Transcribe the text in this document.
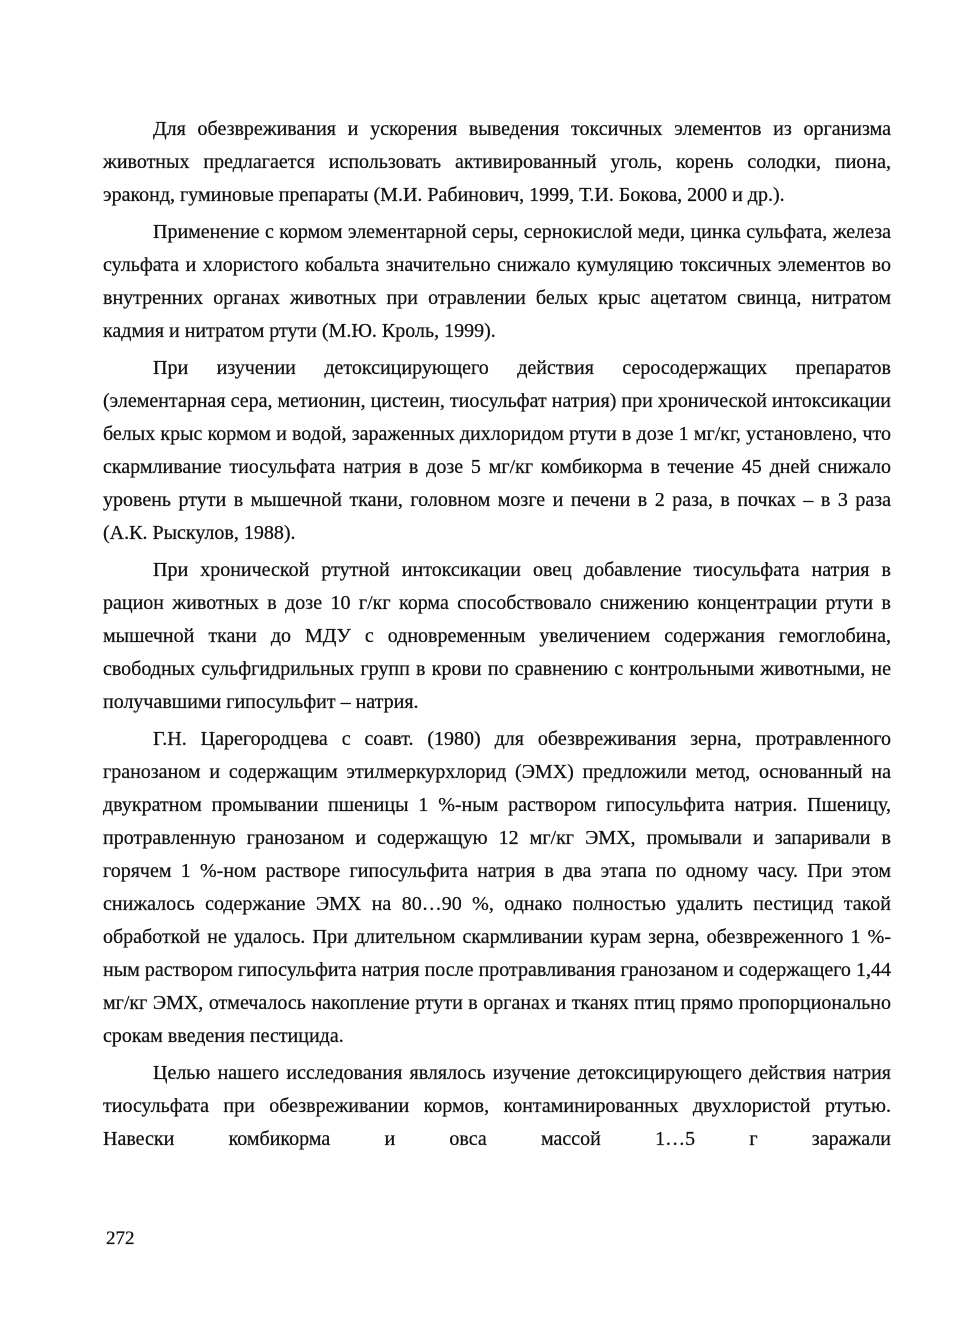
Для обезвреживания и ускорения выведения токсичных элементов из организма животных предлагается использовать активированный уголь, корень солодки, пиона, эраконд, гуминовые препараты (М.И. Рабинович, 1999, Т.И. Бокова, 2000 и др.).

Применение с кормом элементарной серы, сернокислой меди, цинка сульфата, железа сульфата и хлористого кобальта значительно снижало кумуляцию токсичных элементов во внутренних органах животных при отравлении белых крыс ацетатом свинца, нитратом кадмия и нитратом ртути (М.Ю. Кроль, 1999).

При изучении детоксицирующего действия серосодержащих препаратов (элементарная сера, метионин, цистеин, тиосульфат натрия) при хронической интоксикации белых крыс кормом и водой, зараженных дихлоридом ртути в дозе 1 мг/кг, установлено, что скармливание тиосульфата натрия в дозе 5 мг/кг комбикорма в течение 45 дней снижало уровень ртути в мышечной ткани, головном мозге и печени в 2 раза, в почках – в 3 раза (А.К. Рыскулов, 1988).

При хронической ртутной интоксикации овец добавление тиосульфата натрия в рацион животных в дозе 10 г/кг корма способствовало снижению концентрации ртути в мышечной ткани до МДУ с одновременным увеличением содержания гемоглобина, свободных сульфгидрильных групп в крови по сравнению с контрольными животными, не получавшими гипосульфит – натрия.

Г.Н. Царегородцева с соавт. (1980) для обезвреживания зерна, протравленного гранозаном и содержащим этилмеркурхлорид (ЭМХ) предложили метод, основанный на двукратном промывании пшеницы 1 %-ным раствором гипосульфита натрия. Пшеницу, протравленную гранозаном и содержащую 12 мг/кг ЭМХ, промывали и запаривали в горячем 1 %-ном растворе гипосульфита натрия в два этапа по одному часу. При этом снижалось содержание ЭМХ на 80…90 %, однако полностью удалить пестицид такой обработкой не удалось. При длительном скармливании курам зерна, обезвреженного 1 %-ным раствором гипосульфита натрия после протравливания гранозаном и содержащего 1,44 мг/кг ЭМХ, отмечалось накопление ртути в органах и тканях птиц прямо пропорционально срокам введения пестицида.

Целью нашего исследования являлось изучение детоксицирующего действия натрия тиосульфата при обезвреживании кормов, контаминированных двухлористой ртутью. Навески комбикорма и овса массой 1…5 г заражали

272
